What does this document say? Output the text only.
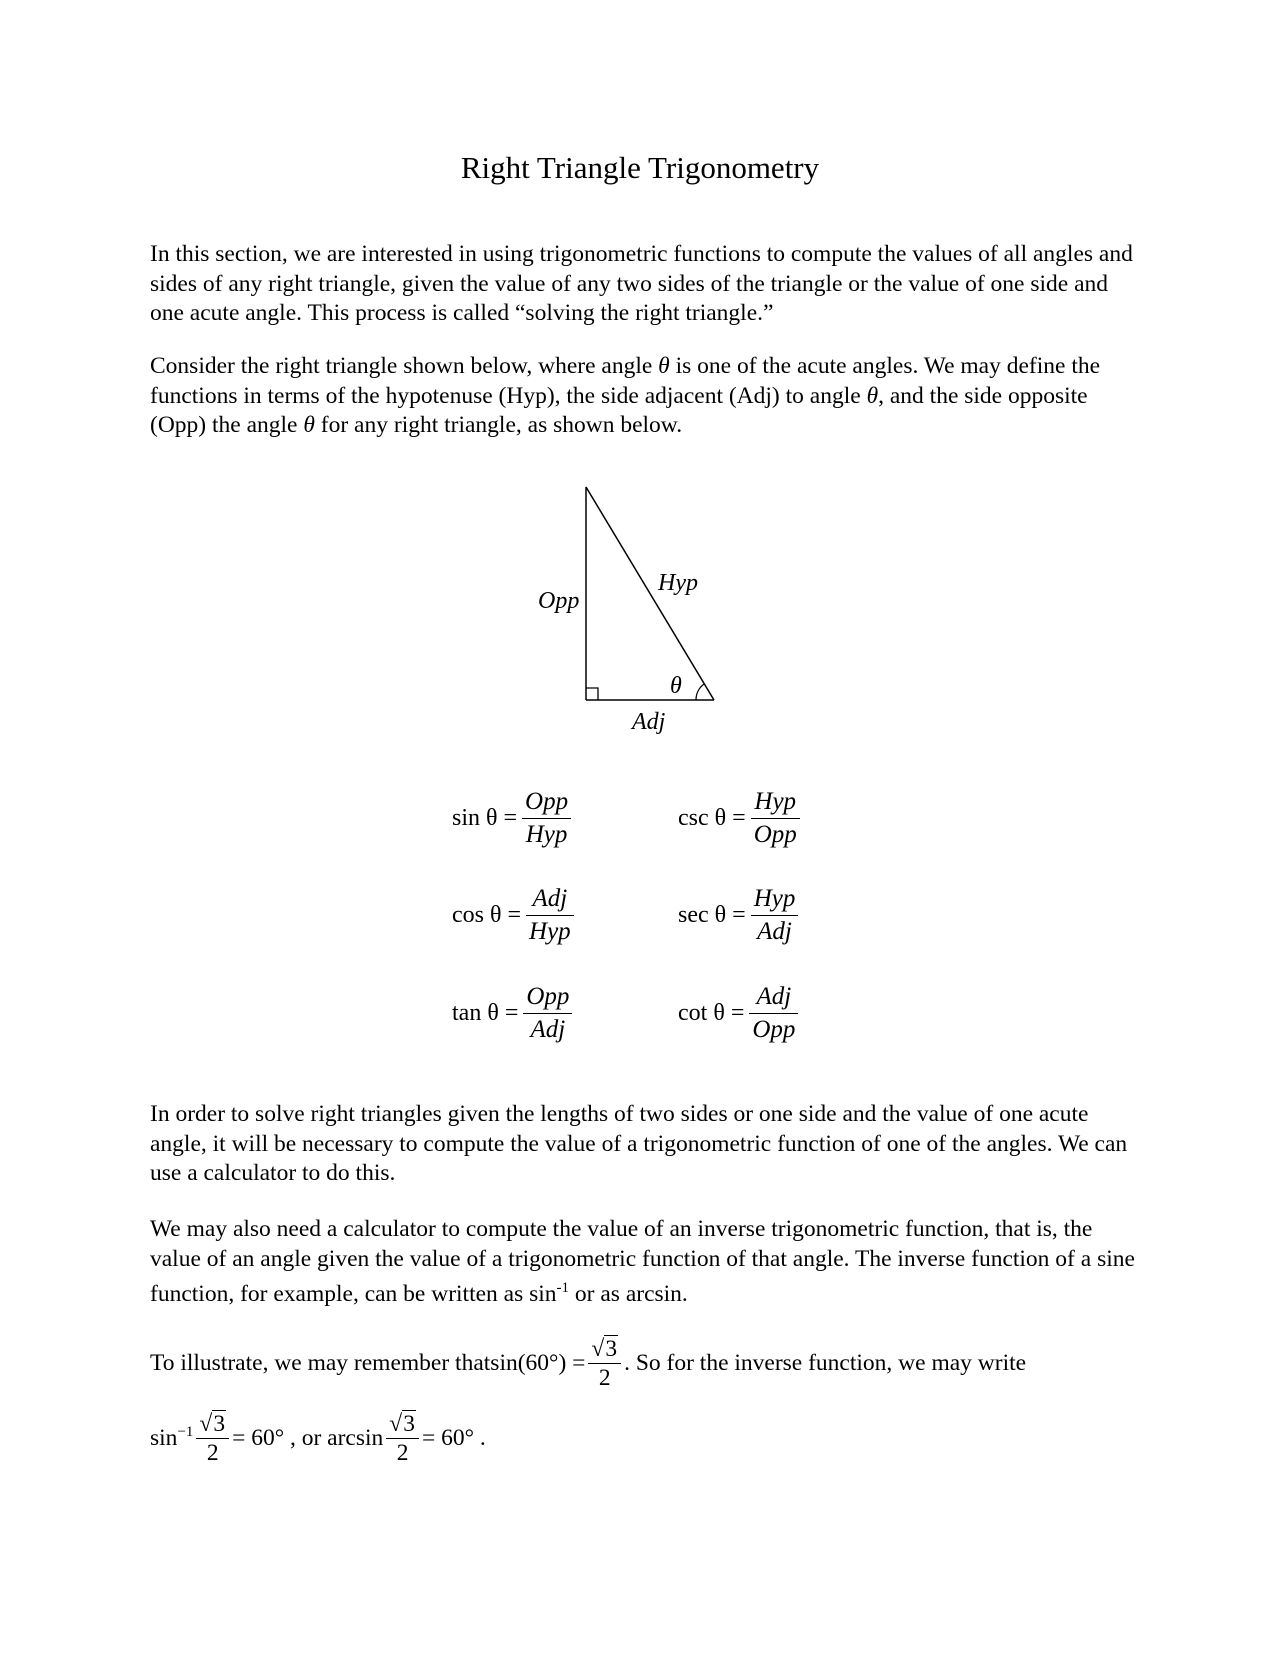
Right Triangle Trigonometry

In this section, we are interested in using trigonometric functions to compute the values of all angles and sides of any right triangle, given the value of any two sides of the triangle or the value of one side and one acute angle. This process is called “solving the right triangle.”

Consider the right triangle shown below, where angle θ is one of the acute angles. We may define the functions in terms of the hypotenuse (Hyp), the side adjacent (Adj) to angle θ, and the side opposite (Opp) the angle θ for any right triangle, as shown below.

Opp
Hyp
Adj
θ
$\sin \theta = \frac{\text{Opp}}{\text{Hyp}}$	$\csc \theta = \frac{\text{Hyp}}{\text{Opp}}$
$\cos \theta = \frac{\text{Adj}}{\text{Hyp}}$	$\sec \theta = \frac{\text{Hyp}}{\text{Adj}}$
$\tan \theta = \frac{\text{Opp}}{\text{Adj}}$	$\cot \theta = \frac{\text{Adj}}{\text{Opp}}$

In order to solve right triangles given the lengths of two sides or one side and the value of one acute angle, it will be necessary to compute the value of a trigonometric function of one of the angles. We can use a calculator to do this.

We may also need a calculator to compute the value of an inverse trigonometric function, that is, the value of an angle given the value of a trigonometric function of that angle. The inverse function of a sine function, for example, can be written as $\sin^{-1}$ or as arcsin.

To illustrate, we may remember that $\sin(60^\circ) = \frac{√3}{2}$ . So for the inverse function, we may write
$\sin^{-1} \frac{√3}{2} = 60^\circ$ , or $\arcsin \frac{√3}{2} = 60^\circ$ .
